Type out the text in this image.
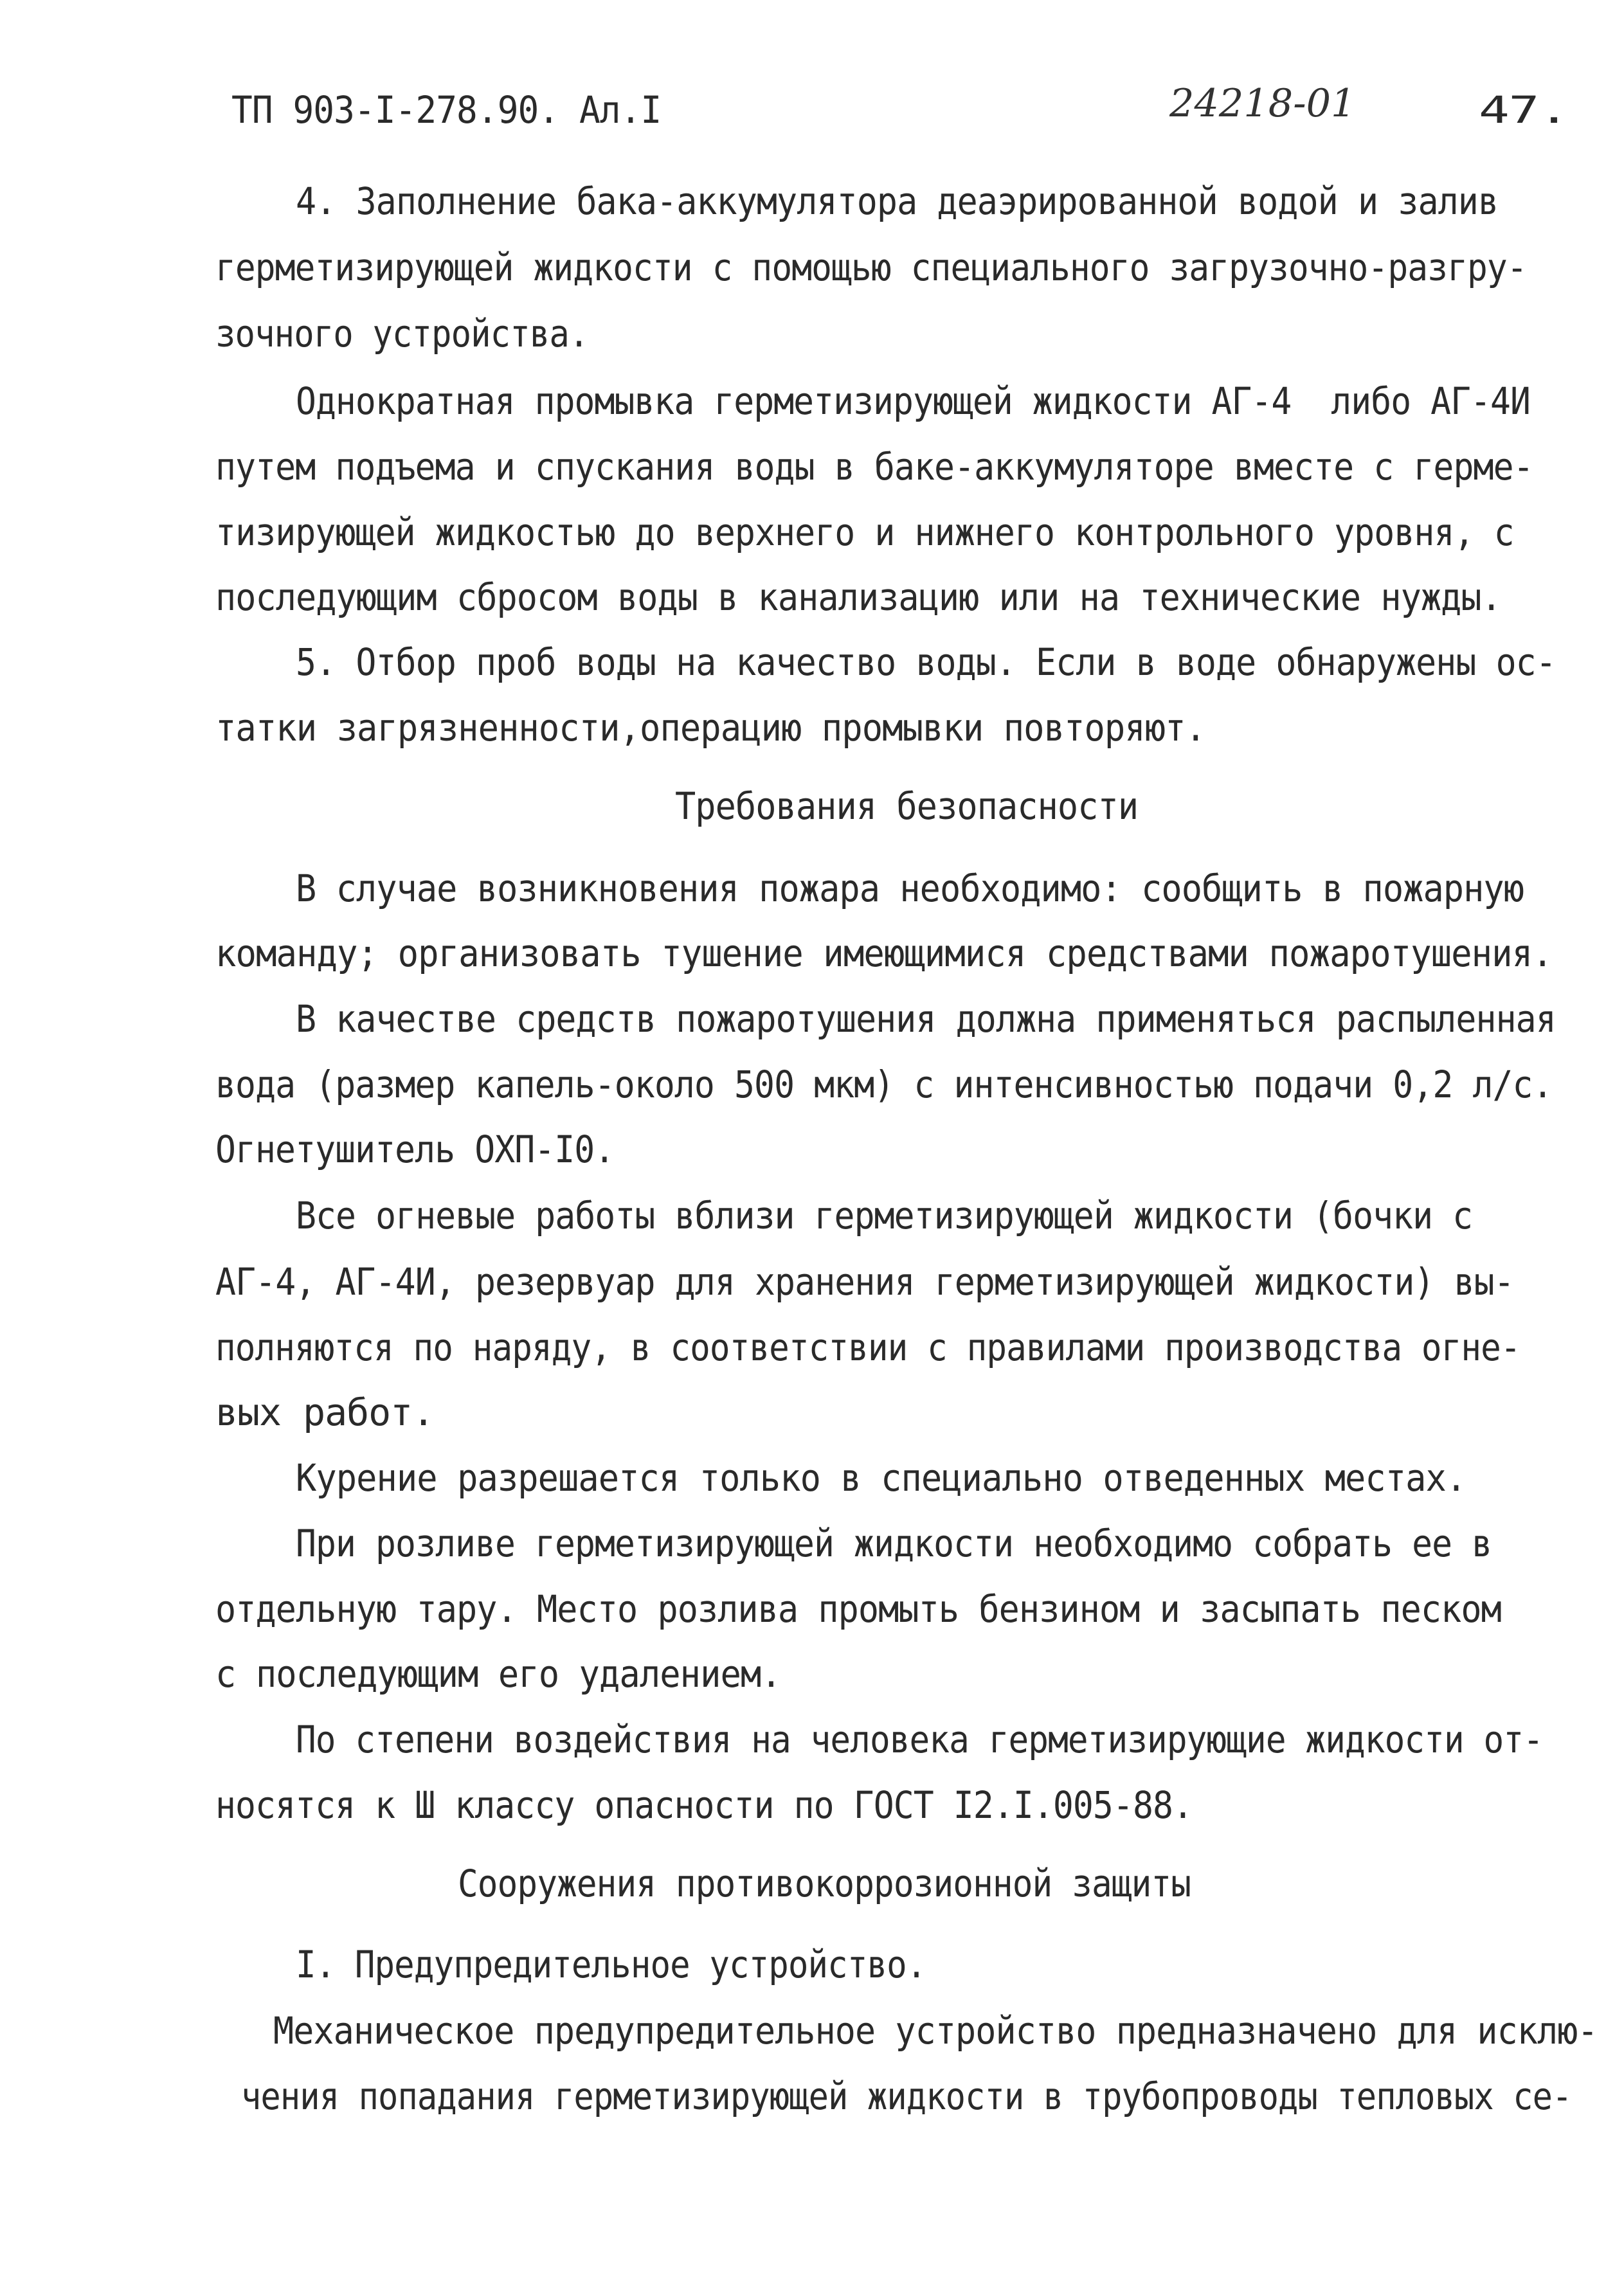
ТП 903-I-278.90. Ал.I	24218-01	47.
4. Заполнение бака-аккумулятора деаэрированной водой и залив
герметизирующей жидкости с помощью специального загрузочно-разгру-
зочного устройства.
Однократная промывка герметизирующей жидкости АГ-4  либо АГ-4И
путем подъема и спускания воды в баке-аккумуляторе вместе с герме-
тизирующей жидкостью до верхнего и нижнего контрольного уровня, с
последующим сбросом воды в канализацию или на технические нужды.
5. Отбор проб воды на качество воды. Если в воде обнаружены ос-
татки загрязненности,операцию промывки повторяют.
Требования безопасности
В случае возникновения пожара необходимо: сообщить в пожарную
команду; организовать тушение имеющимися средствами пожаротушения.
В качестве средств пожаротушения должна применяться распыленная
вода (размер капель-около 500 мкм) с интенсивностью подачи 0,2 л/с.
Огнетушитель ОХП-I0.
Все огневые работы вблизи герметизирующей жидкости (бочки с
АГ-4, АГ-4И, резервуар для хранения герметизирующей жидкости) вы-
полняются по наряду, в соответствии с правилами производства огне-
вых работ.
Курение разрешается только в специально отведенных местах.
При розливе герметизирующей жидкости необходимо собрать ее в
отдельную тару. Место розлива промыть бензином и засыпать песком
с последующим его удалением.
По степени воздействия на человека герметизирующие жидкости от-
носятся к Ш классу опасности по ГОСТ I2.I.005-88.
Сооружения противокоррозионной защиты
I. Предупредительное устройство.
Механическое предупредительное устройство предназначено для исклю-
чения попадания герметизирующей жидкости в трубопроводы тепловых се-
